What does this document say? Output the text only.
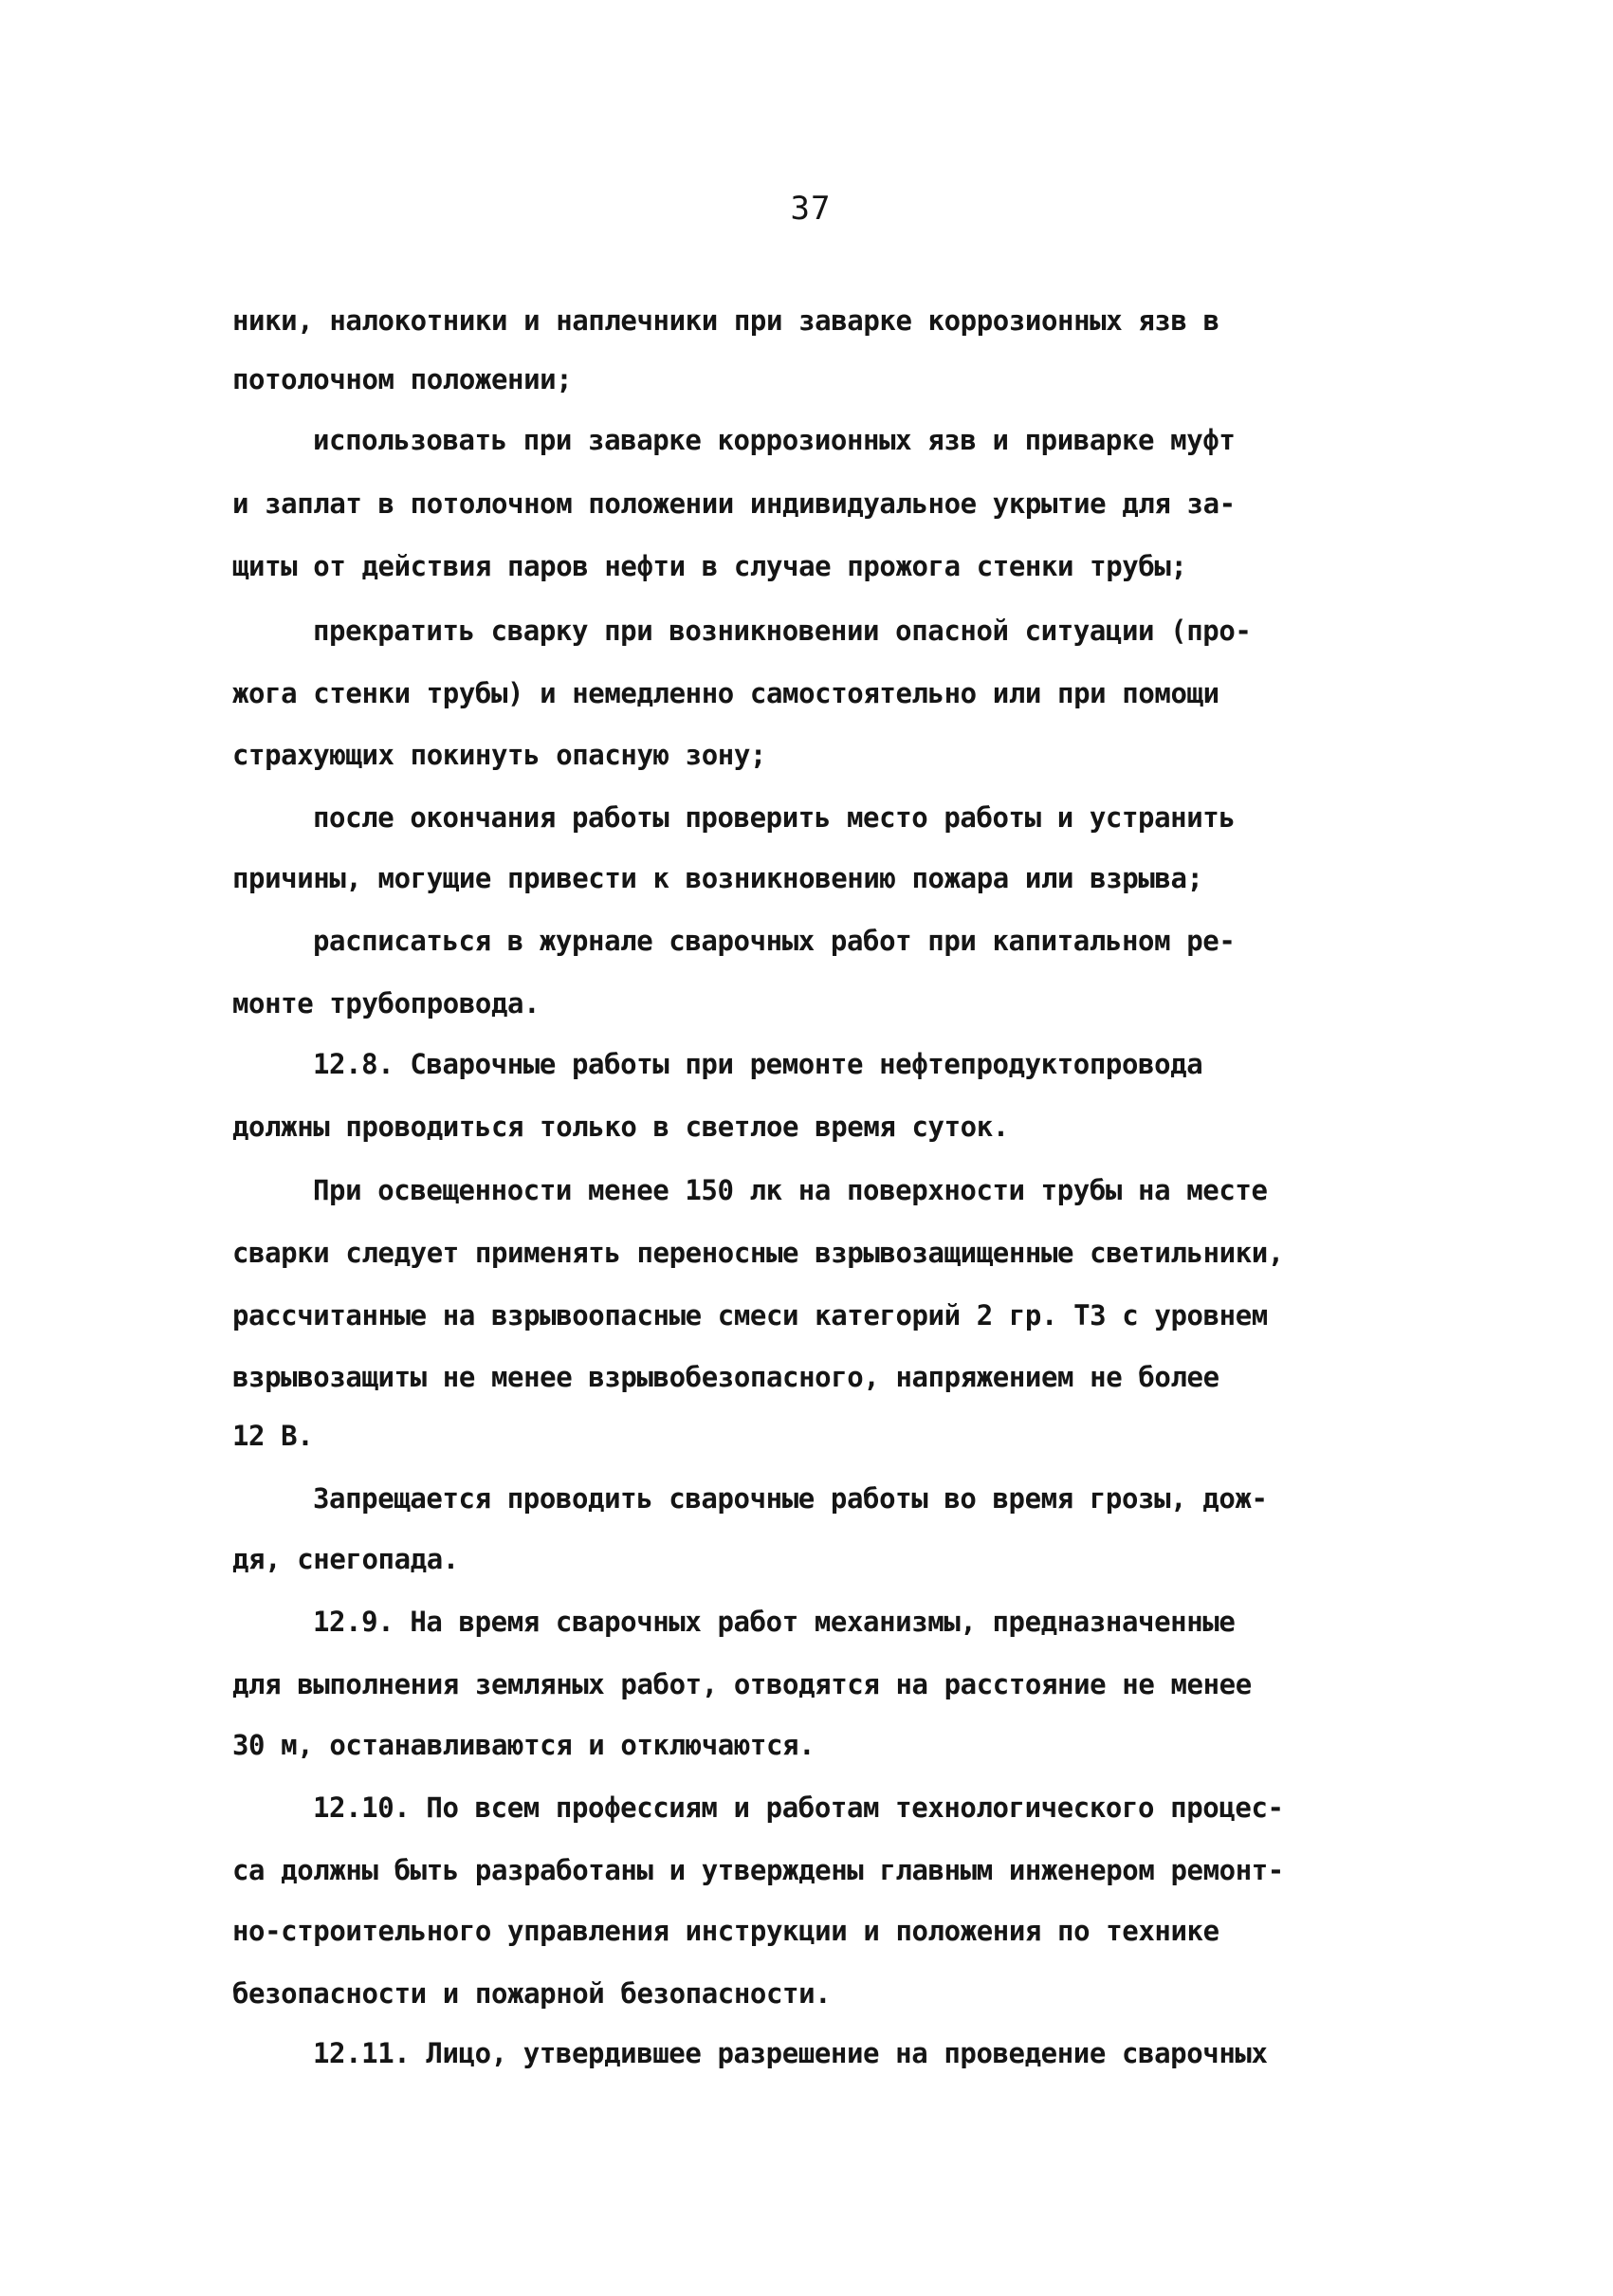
37
ники, налокотники и наплечники при заварке коррозионных язв в
потолочном положении;
использовать при заварке коррозионных язв и приварке муфт
и заплат в потолочном положении индивидуальное укрытие для за-
щиты от действия паров нефти в случае прожога стенки трубы;
прекратить сварку при возникновении опасной ситуации (про-
жога стенки трубы) и немедленно самостоятельно или при помощи
страхующих покинуть опасную зону;
после окончания работы проверить место работы и устранить
причины, могущие привести к возникновению пожара или взрыва;
расписаться в журнале сварочных работ при капитальном ре-
монте трубопровода.
12.8. Сварочные работы при ремонте нефтепродуктопровода
должны проводиться только в светлое время суток.
При освещенности менее 150 лк на поверхности трубы на месте
сварки следует применять переносные взрывозащищенные светильники,
рассчитанные на взрывоопасные смеси категорий 2 гр. Т3 с уровнем
взрывозащиты не менее взрывобезопасного, напряжением не более
12 В.
Запрещается проводить сварочные работы во время грозы, дож-
дя, снегопада.
12.9. На время сварочных работ механизмы, предназначенные
для выполнения земляных работ, отводятся на расстояние не менее
30 м, останавливаются и отключаются.
12.10. По всем профессиям и работам технологического процес-
са должны быть разработаны и утверждены главным инженером ремонт-
но-строительного управления инструкции и положения по технике
безопасности и пожарной безопасности.
12.11. Лицо, утвердившее разрешение на проведение сварочных
